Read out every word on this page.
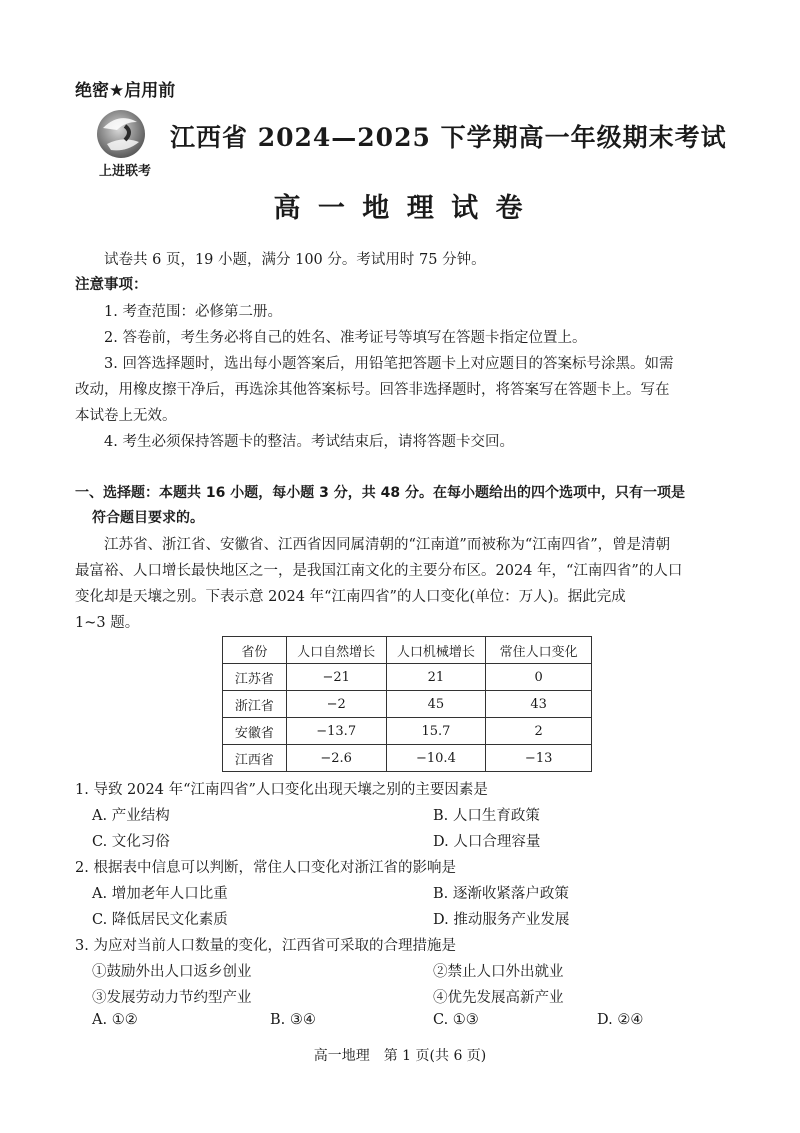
绝密★启用前
上进联考
江西省 2024—2025 下学期高一年级期末考试
高 一 地 理 试 卷
试卷共 6 页，19 小题，满分 100 分。考试用时 75 分钟。
注意事项：
1. 考查范围：必修第二册。
2. 答卷前，考生务必将自己的姓名、准考证号等填写在答题卡指定位置上。
3. 回答选择题时，选出每小题答案后，用铅笔把答题卡上对应题目的答案标号涂黑。如需
改动，用橡皮擦干净后，再选涂其他答案标号。回答非选择题时，将答案写在答题卡上。写在
本试卷上无效。
4. 考生必须保持答题卡的整洁。考试结束后，请将答题卡交回。
一、选择题：本题共 16 小题，每小题 3 分，共 48 分。在每小题给出的四个选项中，只有一项是
符合题目要求的。
江苏省、浙江省、安徽省、江西省因同属清朝的“江南道”而被称为“江南四省”，曾是清朝
最富裕、人口增长最快地区之一，是我国江南文化的主要分布区。2024 年，“江南四省”的人口
变化却是天壤之别。下表示意 2024 年“江南四省”的人口变化(单位：万人)。据此完成
1~3 题。
省份	人口自然增长	人口机械增长	常住人口变化
江苏省	−21	21	0
浙江省	−2	45	43
安徽省	−13.7	15.7	2
江西省	−2.6	−10.4	−13
1. 导致 2024 年“江南四省”人口变化出现天壤之别的主要因素是
A. 产业结构	B. 人口生育政策
C. 文化习俗	D. 人口合理容量
2. 根据表中信息可以判断，常住人口变化对浙江省的影响是
A. 增加老年人口比重	B. 逐渐收紧落户政策
C. 降低居民文化素质	D. 推动服务产业发展
3. 为应对当前人口数量的变化，江西省可采取的合理措施是
①鼓励外出人口返乡创业	②禁止人口外出就业
③发展劳动力节约型产业	④优先发展高新产业
A. ①②	B. ③④	C. ①③	D. ②④
高一地理　第 1 页(共 6 页)
